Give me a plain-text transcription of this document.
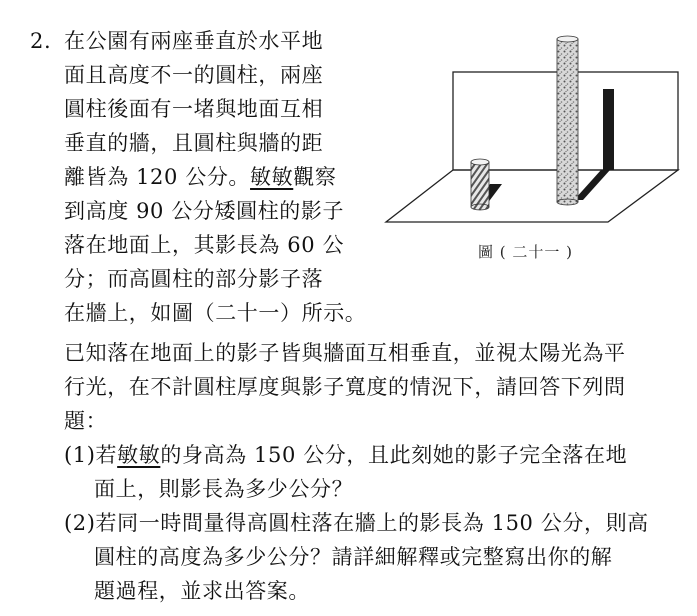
2. 在公園有兩座垂直於水平地
面且高度不一的圓柱，兩座
圓柱後面有一堵與地面互相
垂直的牆，且圓柱與牆的距
離皆為 120 公分。敏敏觀察
到高度 90 公分矮圓柱的影子
落在地面上，其影長為 60 公
分；而高圓柱的部分影子落
在牆上，如圖（二十一）所示。
已知落在地面上的影子皆與牆面互相垂直，並視太陽光為平
行光，在不計圓柱厚度與影子寬度的情況下，請回答下列問
題：
(1)若敏敏的身高為 150 公分，且此刻她的影子完全落在地
面上，則影長為多少公分？
(2)若同一時間量得高圓柱落在牆上的影長為 150 公分，則高
圓柱的高度為多少公分？請詳細解釋或完整寫出你的解
題過程，並求出答案。
圖 ( 二十一 )
